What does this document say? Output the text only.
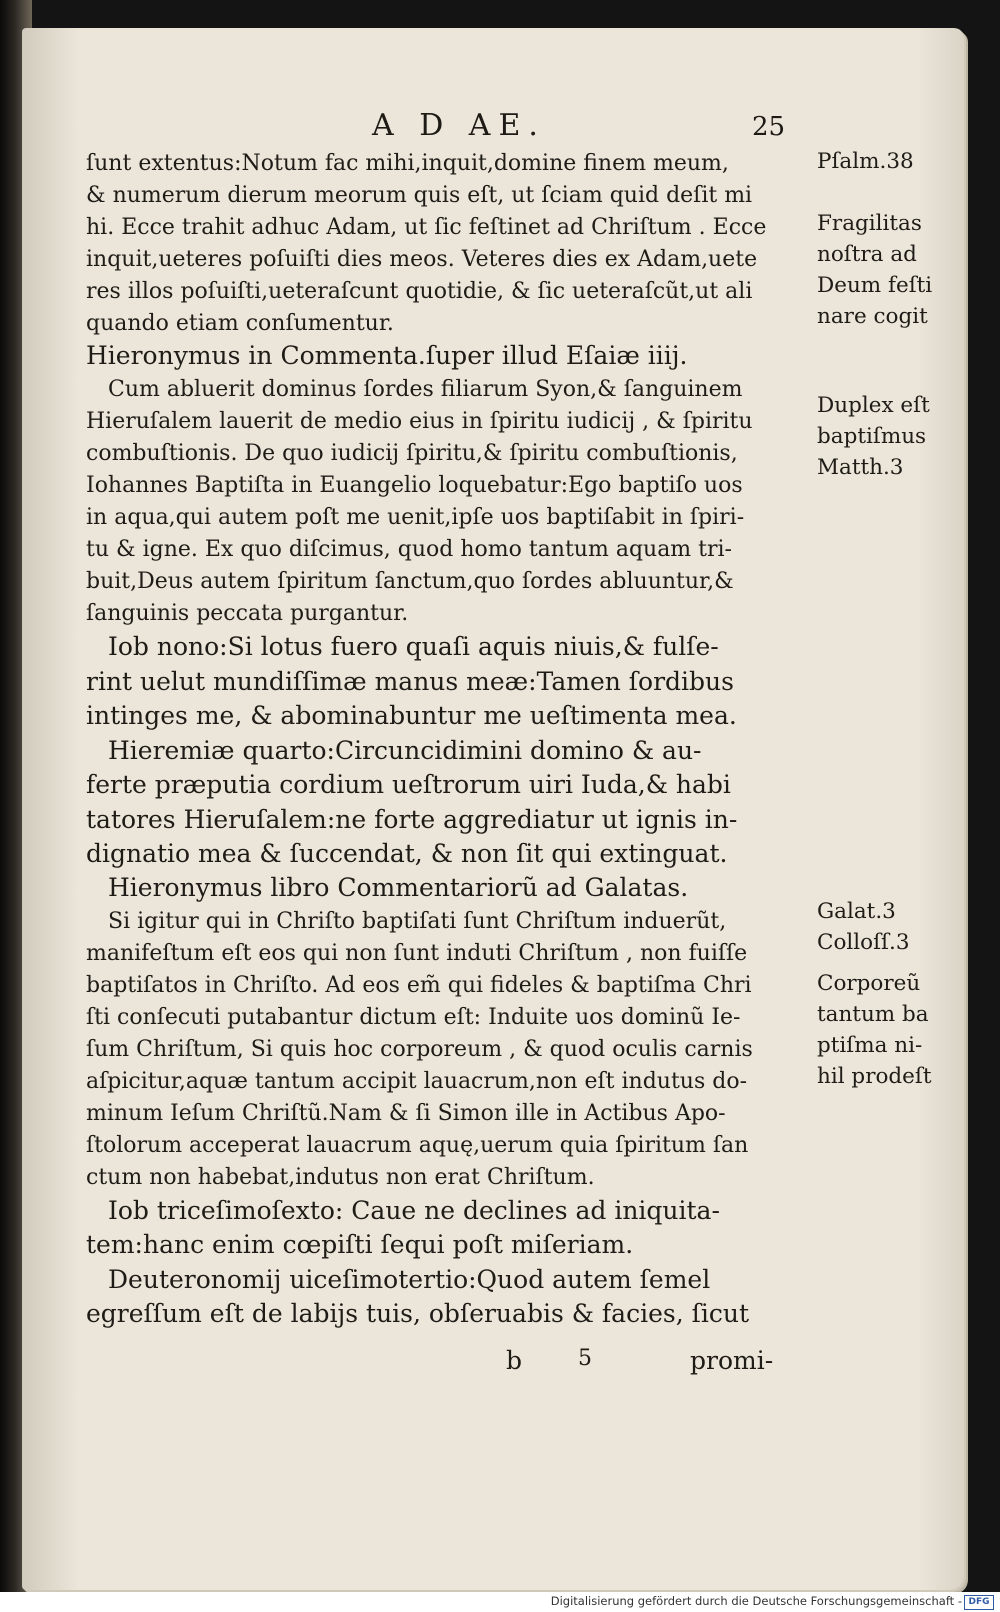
A D AE.	25
ſunt extentus:Notum fac mihi,inquit,domine finem meum,
& numerum dierum meorum quis eſt, ut ſciam quid deſit mi
hi. Ecce trahit adhuc Adam, ut ſic feſtinet ad Chriſtum . Ecce
inquit,ueteres poſuiſti dies meos. Veteres dies ex Adam,uete
res illos poſuiſti,ueteraſcunt quotidie, & ſic ueteraſcũt,ut ali
quando etiam conſumentur.
Hieronymus in Commenta.ſuper illud Eſaiæ iiij.
Cum abluerit dominus ſordes filiarum Syon,& ſanguinem
Hieruſalem lauerit de medio eius in ſpiritu iudicij , & ſpiritu
combuſtionis. De quo iudicij ſpiritu,& ſpiritu combuſtionis,
Iohannes Baptiſta in Euangelio loquebatur:Ego baptiſo uos
in aqua,qui autem poſt me uenit,ipſe uos baptiſabit in ſpiri-
tu & igne. Ex quo diſcimus, quod homo tantum aquam tri-
buit,Deus autem ſpiritum ſanctum,quo ſordes abluuntur,&
ſanguinis peccata purgantur.
Iob nono:Si lotus fuero quaſi aquis niuis,& fulſe-
rint uelut mundiſſimæ manus meæ:Tamen ſordibus
intinges me, & abominabuntur me ueſtimenta mea.
Hieremiæ quarto:Circuncidimini domino & au-
ferte præputia cordium ueſtrorum uiri Iuda,& habi
tatores Hieruſalem:ne forte aggrediatur ut ignis in-
dignatio mea & ſuccendat, & non ſit qui extinguat.
Hieronymus libro Commentariorũ ad Galatas.
Si igitur qui in Chriſto baptiſati ſunt Chriſtum induerũt,
manifeſtum eſt eos qui non ſunt induti Chriſtum , non fuiſſe
baptiſatos in Chriſto. Ad eos em̃ qui fideles & baptiſma Chri
ſti conſecuti putabantur dictum eſt: Induite uos dominũ Ie-
ſum Chriſtum, Si quis hoc corporeum , & quod oculis carnis
aſpicitur,aquæ tantum accipit lauacrum,non eſt indutus do-
minum Ieſum Chriſtũ.Nam & ſi Simon ille in Actibus Apo-
ſtolorum acceperat lauacrum aquę,uerum quia ſpiritum ſan
ctum non habebat,indutus non erat Chriſtum.
Iob triceſimoſexto: Caue ne declines ad iniquita-
tem:hanc enim cœpiſti ſequi poſt miſeriam.
Deuteronomij uiceſimotertio:Quod autem ſemel
egreſſum eſt de labijs tuis, obſeruabis & facies, ſicut
Pſalm.38
Fragilitas
noſtra ad
Deum feſti
nare cogit
Duplex eſt
baptiſmus
Matth.3
Galat.3
Colloſſ.3
Corporeũ
tantum ba
ptiſma ni-
hil prodeſt
b	5	promi-
Digitalisierung gefördert durch die Deutsche Forschungsgemeinschaft - DFG
